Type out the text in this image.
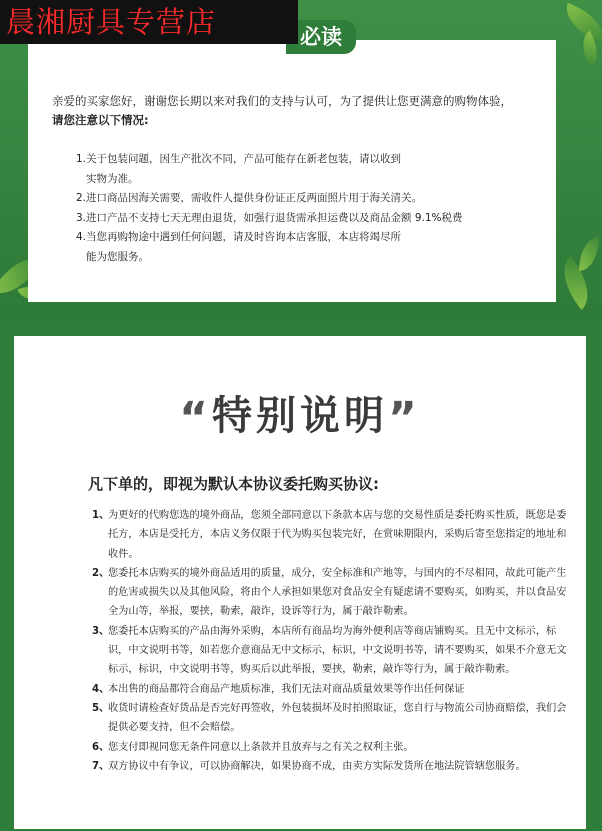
必读
晨湘厨具专营店
亲爱的买家您好，谢谢您长期以来对我们的支持与认可，为了提供让您更满意的购物体验，请您注意以下情况:
1.关于包装问题，因生产批次不同，产品可能存在新老包装，请以收到
实物为准。
2.进口商品因海关需要，需收件人提供身份证正反两面照片用于海关清关。
3.进口产品不支持七天无理由退货，如强行退货需承担运费以及商品金额 9.1%税费
4.当您再购物途中遇到任何问题，请及时咨询本店客服，本店将竭尽所
能为您服务。
“特别说明”
凡下单的，即视为默认本协议委托购买协议:
1、
为更好的代购您选的境外商品，您须全部同意以下条款本店与您的交易性质是委托购买性质，既您是委托方，本店是受托方，本店义务仅限于代为购买包装完好，在赏味期限内，采购后寄至您指定的地址和收件。
2、
您委托本店购买的境外商品适用的质量，成分，安全标准和产地等，与国内的不尽相同，故此可能产生的危害或损失以及其他风险，将由个人承担如果您对食品安全有疑虑请不要购买，如购买，并以食品安全为山等，举报，要挟，勒索，敲诈，设诉等行为，属于敲诈勒索。
3、
您委托本店购买的产品由海外采购，本店所有商品均为海外便利店等商店铺购买。且无中文标示，标识，中文说明书等，如若您介意商品无中文标示，标识，中文说明书等，请不要购买，如果不介意无文标示，标识，中文说明书等，购买后以此举报，要挟，勒索，敲诈等行为，属于敲诈勒索。
4、
本出售的商品都符合商品产地质标准，我们无法对商品质量效果等作出任何保证
5、
收货时请检查好货品是否完好再签收，外包装损坏及时拍照取证，您自行与物流公司协商赔偿，我们会提供必要支持，但不会赔偿。
6、
您支付即视同您无条件同意以上条款并且放弃与之有关之权利主张。
7、
双方协议中有争议，可以协商解决，如果协商不成，由卖方实际发货所在地法院管辖您服务。
